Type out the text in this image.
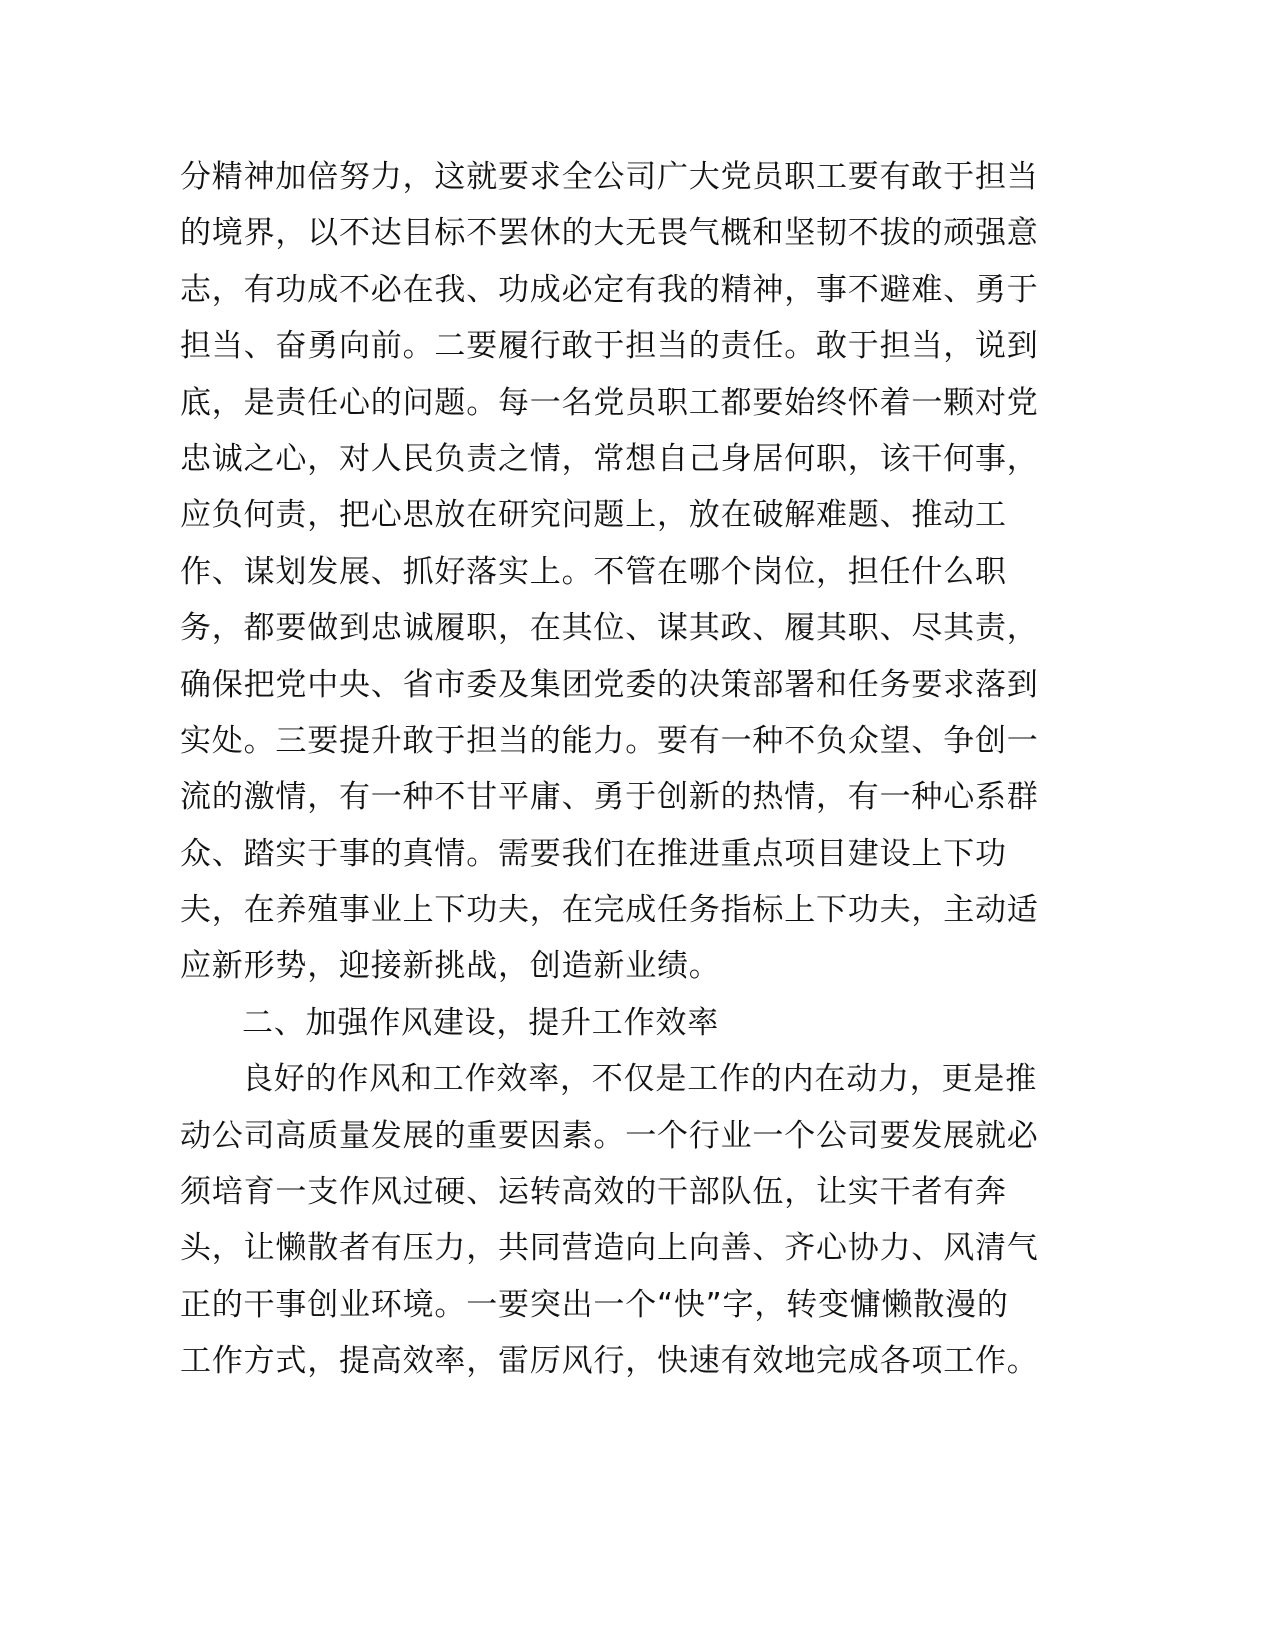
分精神加倍努力，这就要求全公司广大党员职工要有敢于担当
的境界，以不达目标不罢休的大无畏气概和坚韧不拔的顽强意
志，有功成不必在我、功成必定有我的精神，事不避难、勇于
担当、奋勇向前。二要履行敢于担当的责任。敢于担当，说到
底，是责任心的问题。每一名党员职工都要始终怀着一颗对党
忠诚之心，对人民负责之情，常想自己身居何职，该干何事，
应负何责，把心思放在研究问题上，放在破解难题、推动工
作、谋划发展、抓好落实上。不管在哪个岗位，担任什么职
务，都要做到忠诚履职，在其位、谋其政、履其职、尽其责，
确保把党中央、省市委及集团党委的决策部署和任务要求落到
实处。三要提升敢于担当的能力。要有一种不负众望、争创一
流的激情，有一种不甘平庸、勇于创新的热情，有一种心系群
众、踏实于事的真情。需要我们在推进重点项目建设上下功
夫，在养殖事业上下功夫，在完成任务指标上下功夫，主动适
应新形势，迎接新挑战，创造新业绩。
二、加强作风建设，提升工作效率
良好的作风和工作效率，不仅是工作的内在动力，更是推
动公司高质量发展的重要因素。一个行业一个公司要发展就必
须培育一支作风过硬、运转高效的干部队伍，让实干者有奔
头，让懒散者有压力，共同营造向上向善、齐心协力、风清气
正的干事创业环境。一要突出一个“快”字，转变慵懒散漫的
工作方式，提高效率，雷厉风行，快速有效地完成各项工作。
